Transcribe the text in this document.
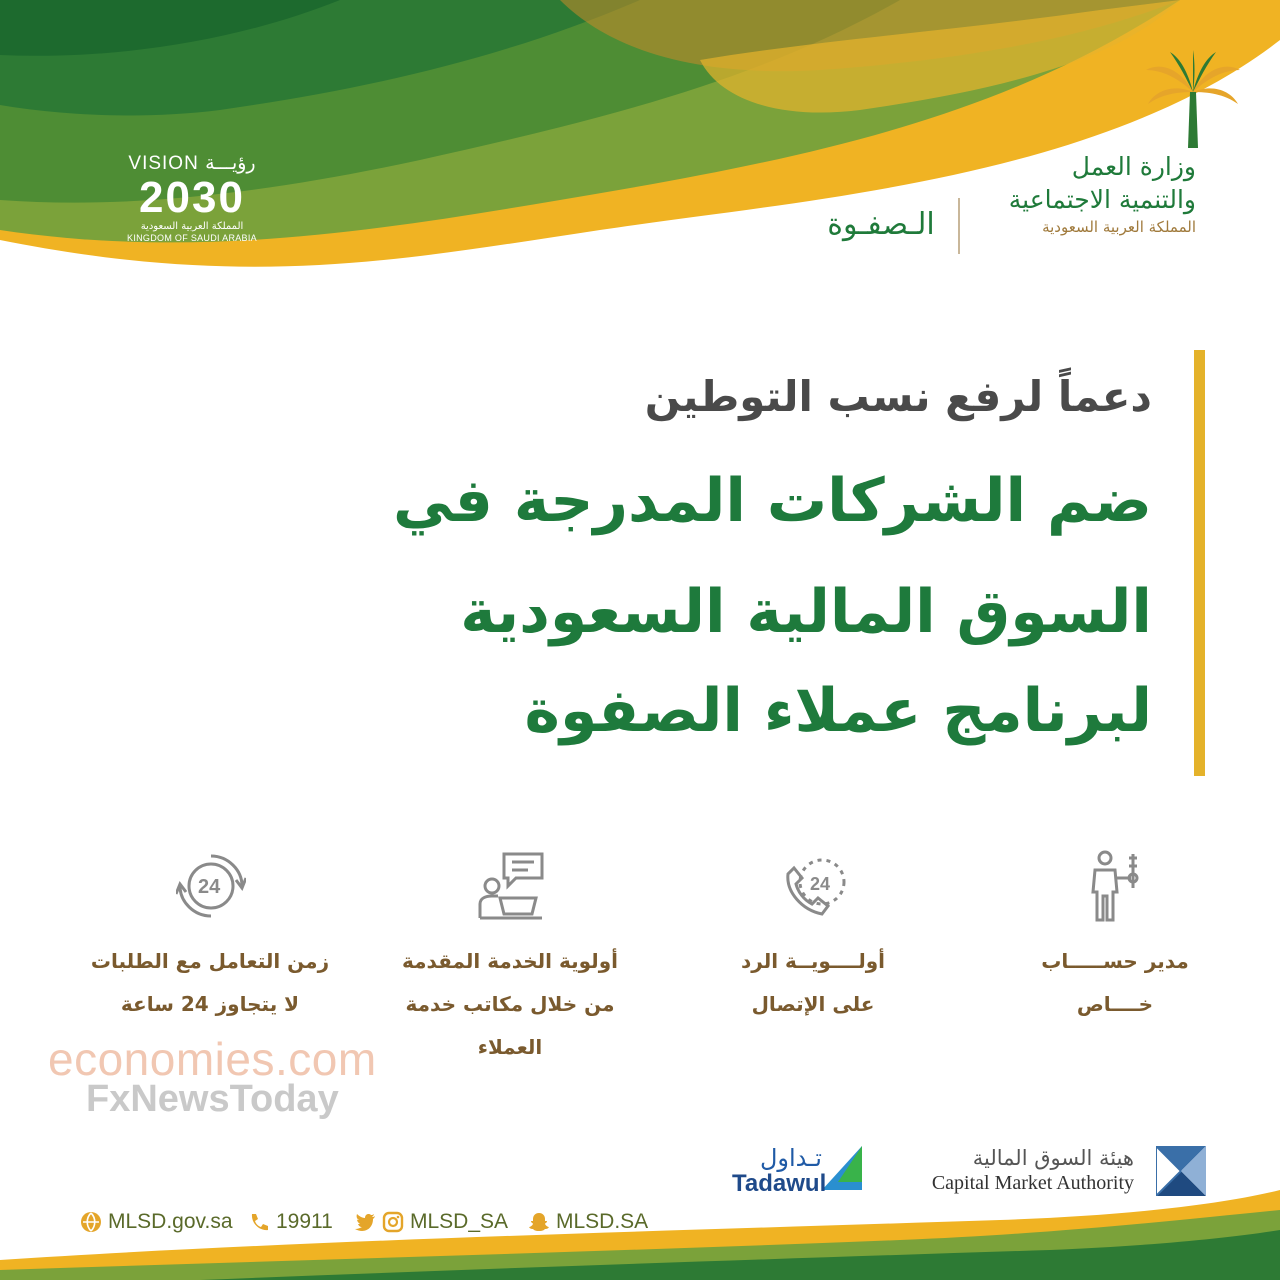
VISION رؤيـــة
2030
المملكة العربية السعودية
KINGDOM OF SAUDI ARABIA
وزارة العمل
والتنمية الاجتماعية
المملكة العربية السعودية
الـصفـوة
دعماً لرفع نسب التوطين
ضم الشركات المدرجة في
السوق المالية السعودية
لبرنامج عملاء الصفوة
24
24
مدير حســـــاب
خــــاص
أولــــويــة الرد
على الإتصال
أولوية الخدمة المقدمة
من خلال مكاتب خدمة
العملاء
زمن التعامل مع الطلبات
لا يتجاوز 24 ساعة
economies.com
FxNewsToday
هيئة السوق المالية
Capital Market Authority
تـداول
Tadawul
MLSD.gov.sa 19911	MLSD_SA MLSD.SA
